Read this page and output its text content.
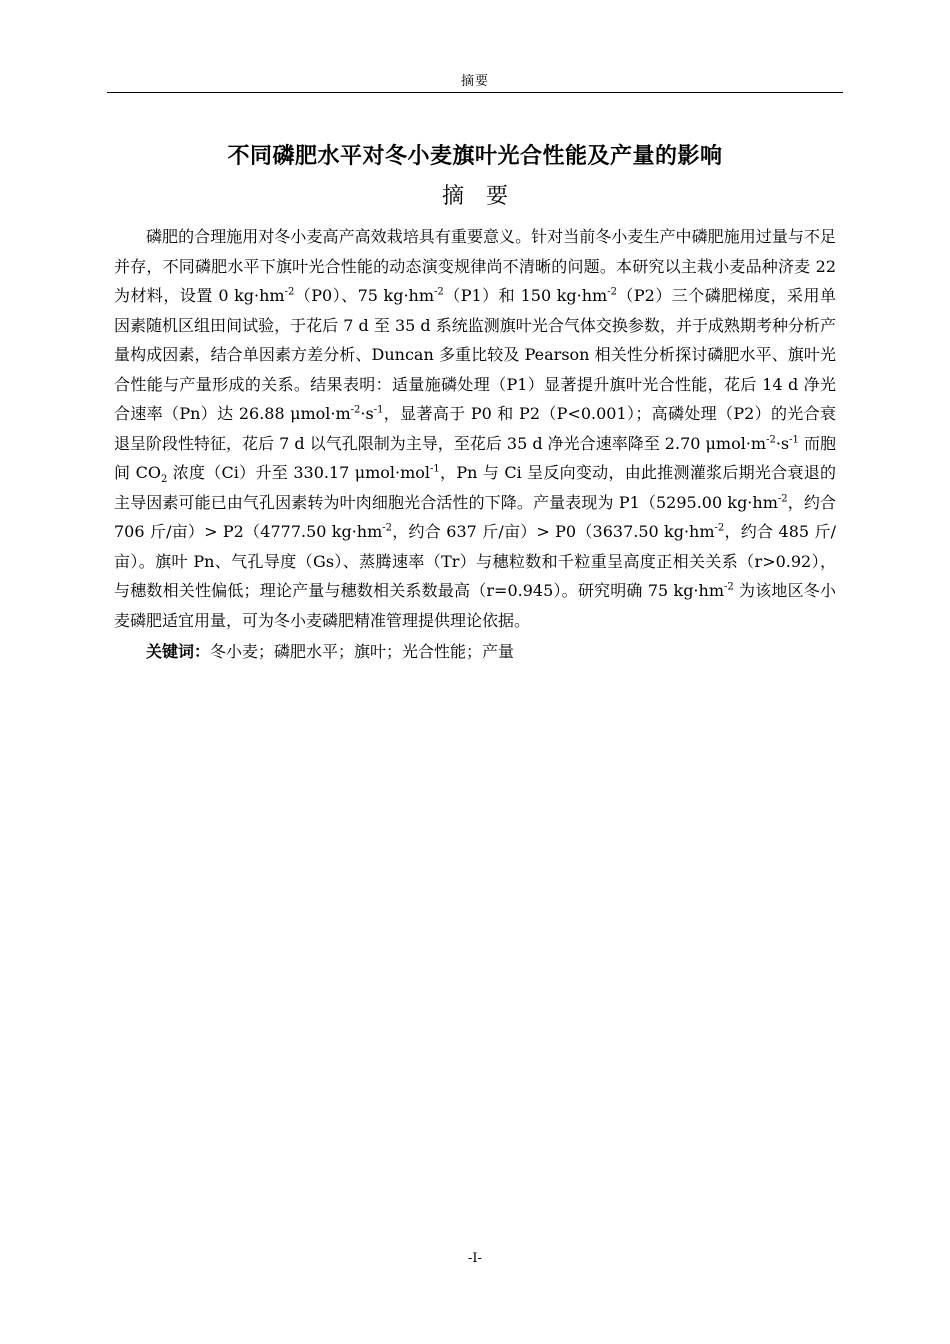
摘要
不同磷肥水平对冬小麦旗叶光合性能及产量的影响
摘要

磷肥的合理施用对冬小麦高产高效栽培具有重要意义。针对当前冬小麦生产中磷肥施用过量与不足并存，不同磷肥水平下旗叶光合性能的动态演变规律尚不清晰的问题。本研究以主栽小麦品种济麦 22 为材料，设置 0 $kg\cdot hm^{-2}(P0)$、75 $kg\cdot hm^{-2}(P1)$和 150 $kg\cdot hm^{-2}(P2)$三个磷肥梯度，采用单因素随机区组田间试验，于花后 7 d 至 35 d 系统监测旗叶光合气体交换参数，并于成熟期考种分析产量构成因素，结合单因素方差分析、Duncan 多重比较及 Pearson 相关性分析探讨磷肥水平、旗叶光合性能与产量形成的关系。结果表明：适量施磷处理（P1）显著提升旗叶光合性能，花后 14 d 净光合速率（Pn）达 26.88 $\mu mol\cdot m^{-2}\cdot s^{-1}$，显著高于 P0 和 P2（P<0.001）；高磷处理（P2）的光合衰退呈阶段性特征，花后 7 d 以气孔限制为主导，至花后 35 d 净光合速率降至 2.70 $\mu mol\cdot m^{-2}\cdot s^{-1}$ 而胞间 $CO_2$ 浓度（Ci）升至 330.17 μmol·mol$^{-1}$，Pn 与 Ci 呈反向变动，由此推测灌浆后期光合衰退的主导因素可能已由气孔因素转为叶肉细胞光合活性的下降。产量表现为 P1（5295.00 $kg\cdot hm^{-2}$，约合 706 斤/亩）> P2（4777.50 $kg\cdot hm^{-2}$，约合 637 斤/亩）> P0（3637.50 $kg\cdot hm^{-2}$，约合 485 斤/亩）。旗叶 Pn、气孔导度（Gs）、蒸腾速率（Tr）与穗粒数和千粒重呈高度正相关关系（r>0.92），与穗数相关性偏低；理论产量与穗数相关系数最高（r=0.945）。研究明确 75 $kg\cdot hm^{-2}$ 为该地区冬小麦磷肥适宜用量，可为冬小麦磷肥精准管理提供理论依据。

关键词：冬小麦；磷肥水平；旗叶；光合性能；产量

-I-
